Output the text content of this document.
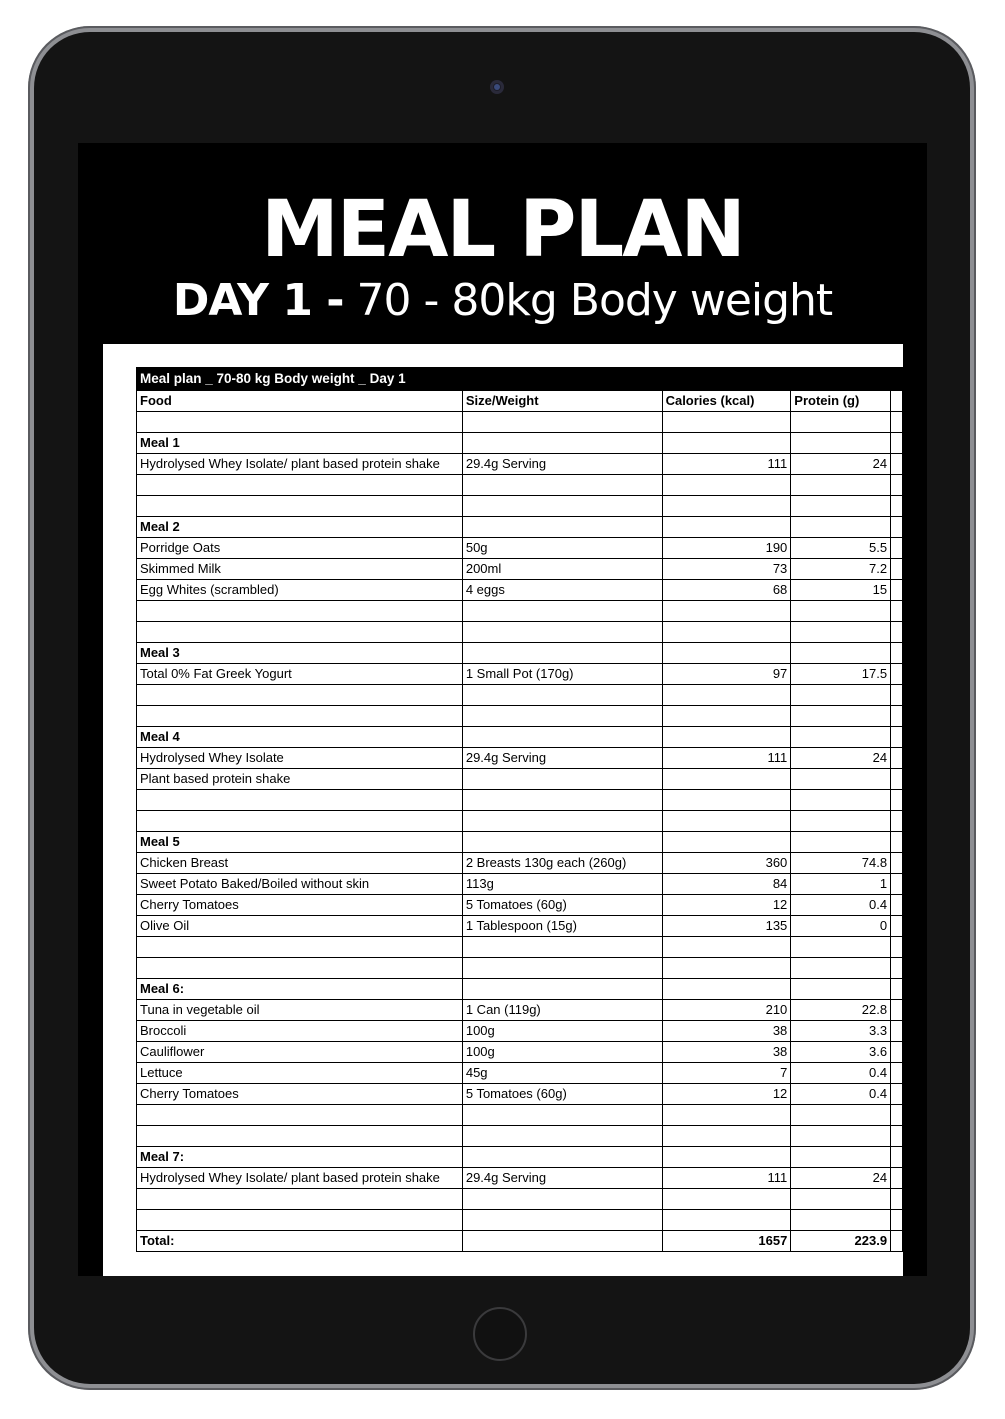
MEAL PLAN
DAY 1 - 70 - 80kg Body weight
Meal plan _ 70-80 kg Body weight _ Day 1				
Food	Size/Weight	Calories (kcal)	Protein (g)	

Meal 1				
Hydrolysed Whey Isolate/ plant based protein shake	29.4g Serving	111	24	

Meal 2				
Porridge Oats	50g	190	5.5	
Skimmed Milk	200ml	73	7.2	
Egg Whites (scrambled)	4 eggs	68	15	

Meal 3				
Total 0% Fat Greek Yogurt	1 Small Pot (170g)	97	17.5	

Meal 4				
Hydrolysed Whey Isolate	29.4g Serving	111	24	
Plant based protein shake				

Meal 5				
Chicken Breast	2 Breasts 130g each (260g)	360	74.8	
Sweet Potato Baked/Boiled without skin	113g	84	1	
Cherry Tomatoes	5 Tomatoes (60g)	12	0.4	
Olive Oil	1 Tablespoon (15g)	135	0	

Meal 6:				
Tuna in vegetable oil	1 Can (119g)	210	22.8	
Broccoli	100g	38	3.3	
Cauliflower	100g	38	3.6	
Lettuce	45g	7	0.4	
Cherry Tomatoes	5 Tomatoes (60g)	12	0.4	

Meal 7:				
Hydrolysed Whey Isolate/ plant based protein shake	29.4g Serving	111	24	

Total:		1657	223.9	
